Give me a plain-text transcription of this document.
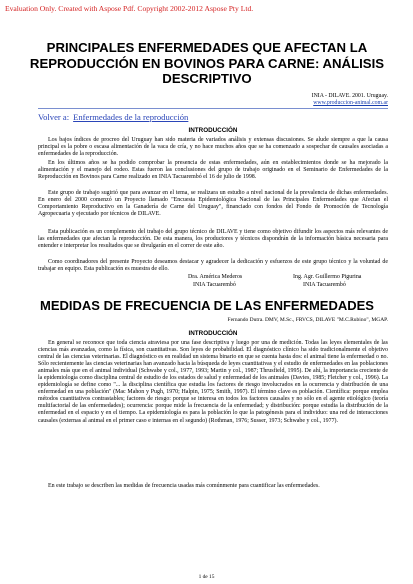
Evaluation Only. Created with Aspose Pdf. Copyright 2002-2012 Aspose Pty Ltd.
PRINCIPALES ENFERMEDADES QUE AFECTAN LA REPRODUCCIÓN EN BOVINOS PARA CARNE: ANÁLISIS DESCRIPTIVO
INIA - DILAVE. 2001. Uruguay.
www.produccion-animal.com.ar
Volver a: Enfermedades de la reproducción
INTRODUCCIÓN

Los bajos índices de procreo del Uruguay han sido materia de variados análisis y extensas discusiones. Se alude siempre a que la causa principal es la pobre o escasa alimentación de la vaca de cría, y no hace muchos años que se ha comenzado a sospechar de causales asociadas a enfermedades de la reproducción.

En los últimos años se ha podido comprobar la presencia de estas enfermedades, aún en establecimientos donde se ha mejorado la alimentación y el manejo del rodeo. Estas fueron las conclusiones del grupo de trabajo originado en el Seminario de Enfermedades de la Reproducción en Bovinos para Carne realizado en INIA Tacuarembó el 16 de julio de 1998.

Este grupo de trabajo sugirió que para avanzar en el tema, se realizara un estudio a nivel nacional de la prevalencia de dichas enfermedades. En enero del 2000 comenzó un Proyecto llamado "Encuesta Epidemiológica Nacional de las Principales Enfermedades que Afectan el Comportamiento Reproductivo en la Ganadería de Carne del Uruguay", financiado con fondos del Fondo de Promoción de Tecnología Agropecuaria y ejecutado por técnicos de DILAVE.

Esta publicación es un complemento del trabajo del grupo técnico de DILAVE y tiene como objetivo difundir los aspectos más relevantes de las enfermedades que afectan la reproducción. De esta manera, los productores y técnicos dispondrán de la información básica necesaria para entender e interpretar los resultados que se divulgarán en el correr de este año.

Como coordinadores del presente Proyecto deseamos destacar y agradecer la dedicación y esfuerzos de este grupo técnico y la voluntad de trabajar en equipo. Esta publicación es muestra de ello.

Dra. América Mederos
INIA Tacuarembó
Ing. Agr. Guillermo Pigurina
INIA Tacuarembó
MEDIDAS DE FRECUENCIA DE LAS ENFERMEDADES
Fernando Dutra. DMV, M.Sc., FRVCS, DILAVE "M.C.Rubino", MGAP.
INTRODUCCIÓN

En general se reconoce que toda ciencia atraviesa por una fase descriptiva y luego por una de medición. Todas las leyes elementales de las ciencias más avanzadas, como la física, son cuantitativas. Son leyes de probabilidad. El diagnóstico clínico ha sido tradicionalmente el objetivo central de las ciencias veterinarias. El diagnóstico es en realidad un sistema binario en que se cuenta hasta dos: el animal tiene la enfermedad o no. Sólo recientemente las ciencias veterinarias han avanzado hacia la búsqueda de leyes cuantitativas y el estudio de enfermedades en las poblaciones animales más que en el animal individual (Schwabe y col., 1977, 1993; Martin y col., 1987; Thrusfield, 1995). De ahí, la importancia creciente de la epidemiología como disciplina central de estudio de los estados de salud y enfermedad de los animales (Davies, 1985; Fletcher y col., 1996). La epidemiología se define como "... la disciplina científica que estudia los factores de riesgo involucrados en la ocurrencia y distribución de una enfermedad en una población" (Mac Mahon y Pugh, 1970; Halpin, 1975; Smith, 1997). El término clave es población. Científica: porque emplea métodos cuantitativos contrastables; factores de riesgo: porque se interesa en todos los factores causales y no sólo en el agente etiológico (teoría multifactorial de las enfermedades); ocurrencia: porque mide la frecuencia de la enfermedad; y distribución: porque estudia la distribución de la enfermedad en el espacio y en el tiempo. La epidemiología es para la población lo que la patogénesis para el individuo: una red de interacciones causales (externas al animal en el primer caso e internas en el segundo) (Rothman, 1976; Susser, 1973; Schwabe y col., 1977).

En este trabajo se describen las medidas de frecuencia usadas más comúnmente para cuantificar las enfermedades.

1 de 15
